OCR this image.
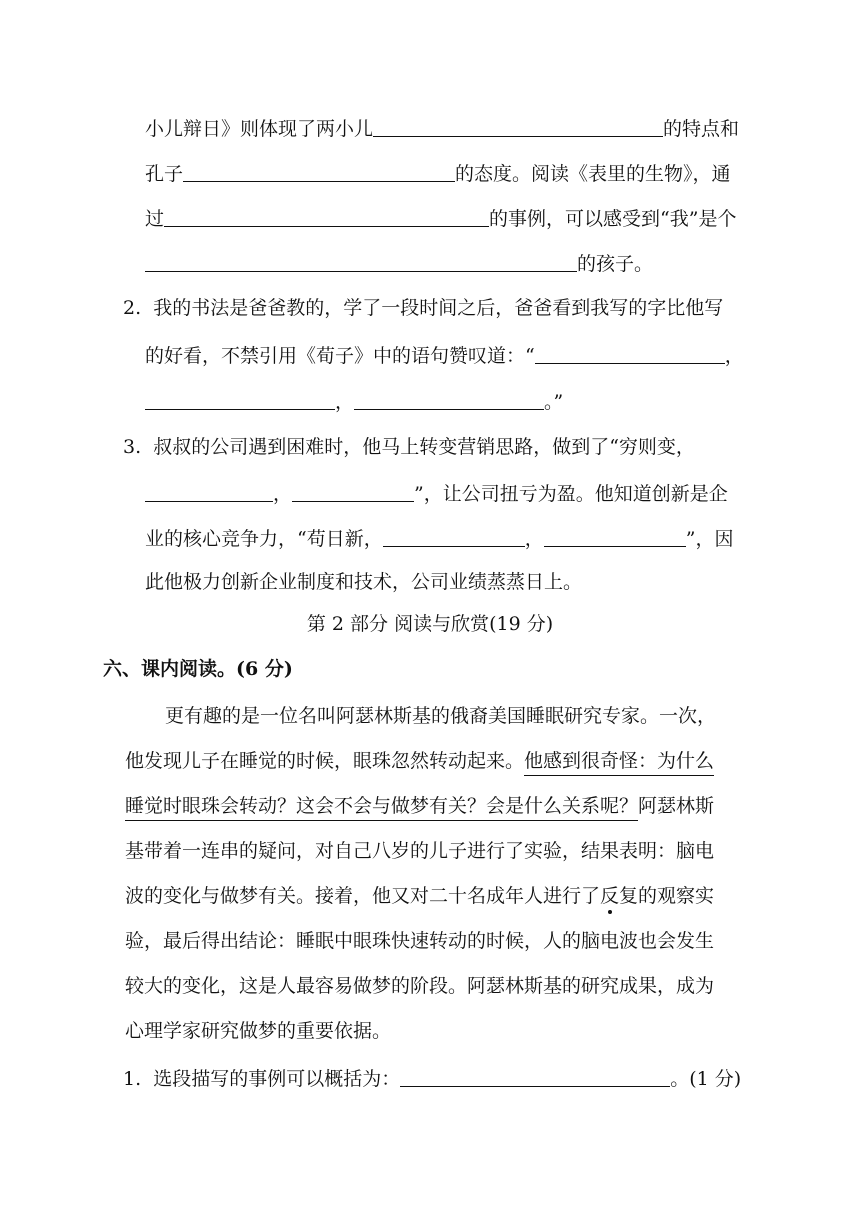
小儿辩日》则体现了两小儿	的特点和
孔子	的态度。阅读《表里的生物》，通
过	的事例，可以感受到“我”是个
的孩子。
2. 我的书法是爸爸教的，学了一段时间之后，爸爸看到我写的字比他写
的好看，不禁引用《荀子》中的语句赞叹道：“	，
，	。”
3. 叔叔的公司遇到困难时，他马上转变营销思路，做到了“穷则变，
，	”，让公司扭亏为盈。他知道创新是企
业的核心竞争力，“苟日新，	，	”，因
此他极力创新企业制度和技术，公司业绩蒸蒸日上。
第 2 部分 阅读与欣赏(19 分)
六、课内阅读。(6 分)
更有趣的是一位名叫阿瑟林斯基的俄裔美国睡眠研究专家。一次，
他发现儿子在睡觉的时候，眼珠忽然转动起来。他感到很奇怪：为什么
睡觉时眼珠会转动？这会不会与做梦有关？会是什么关系呢？阿瑟林斯
基带着一连串的疑问，对自己八岁的儿子进行了实验，结果表明：脑电
波的变化与做梦有关。接着，他又对二十名成年人进行了反
复的观察实
验，最后得出结论：睡眠中眼珠快速转动的时候，人的脑电波也会发生
较大的变化，这是人最容易做梦的阶段。阿瑟林斯基的研究成果，成为
心理学家研究做梦的重要依据。
1. 选段描写的事例可以概括为：	。(1 分)
